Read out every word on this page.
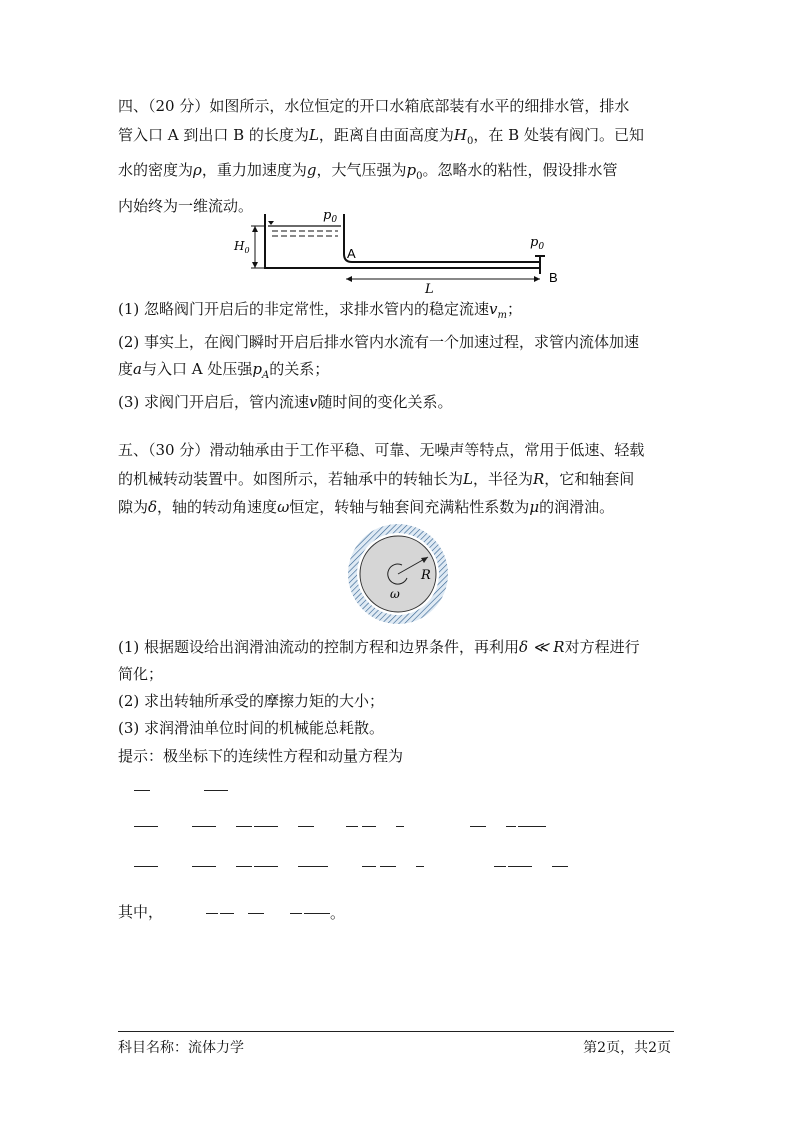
四、（20 分）如图所示，水位恒定的开口水箱底部装有水平的细排水管，排水
管入口 A 到出口 B 的长度为L，距离自由面高度为$H_0$，在 B 处装有阀门。已知
水的密度为ρ，重力加速度为g，大气压强为$p_0$。忽略水的粘性，假设排水管
内始终为一维流动。
$H_0$
$p_0$
$p_0$
A
B
L
(1) 忽略阀门开启后的非定常性，求排水管内的稳定流速$v_m$；
(2) 事实上，在阀门瞬时开启后排水管内水流有一个加速过程，求管内流体加速
度a与入口 A 处压强$p_A$的关系；
(3) 求阀门开启后，管内流速v随时间的变化关系。
五、（30 分）滑动轴承由于工作平稳、可靠、无噪声等特点，常用于低速、轻载
的机械转动装置中。如图所示，若轴承中的转轴长为L，半径为R，它和轴套间
隙为δ，轴的转动角速度ω恒定，转轴与轴套间充满粘性系数为μ的润滑油。
R
ω
(1) 根据题设给出润滑油流动的控制方程和边界条件，再利用δ ≪ R对方程进行
简化；
(2) 求出转轴所承受的摩擦力矩的大小；
(3) 求润滑油单位时间的机械能总耗散。
提示：极坐标下的连续性方程和动量方程为
其中，	。
科目名称：流体力学	第2页，共2页
